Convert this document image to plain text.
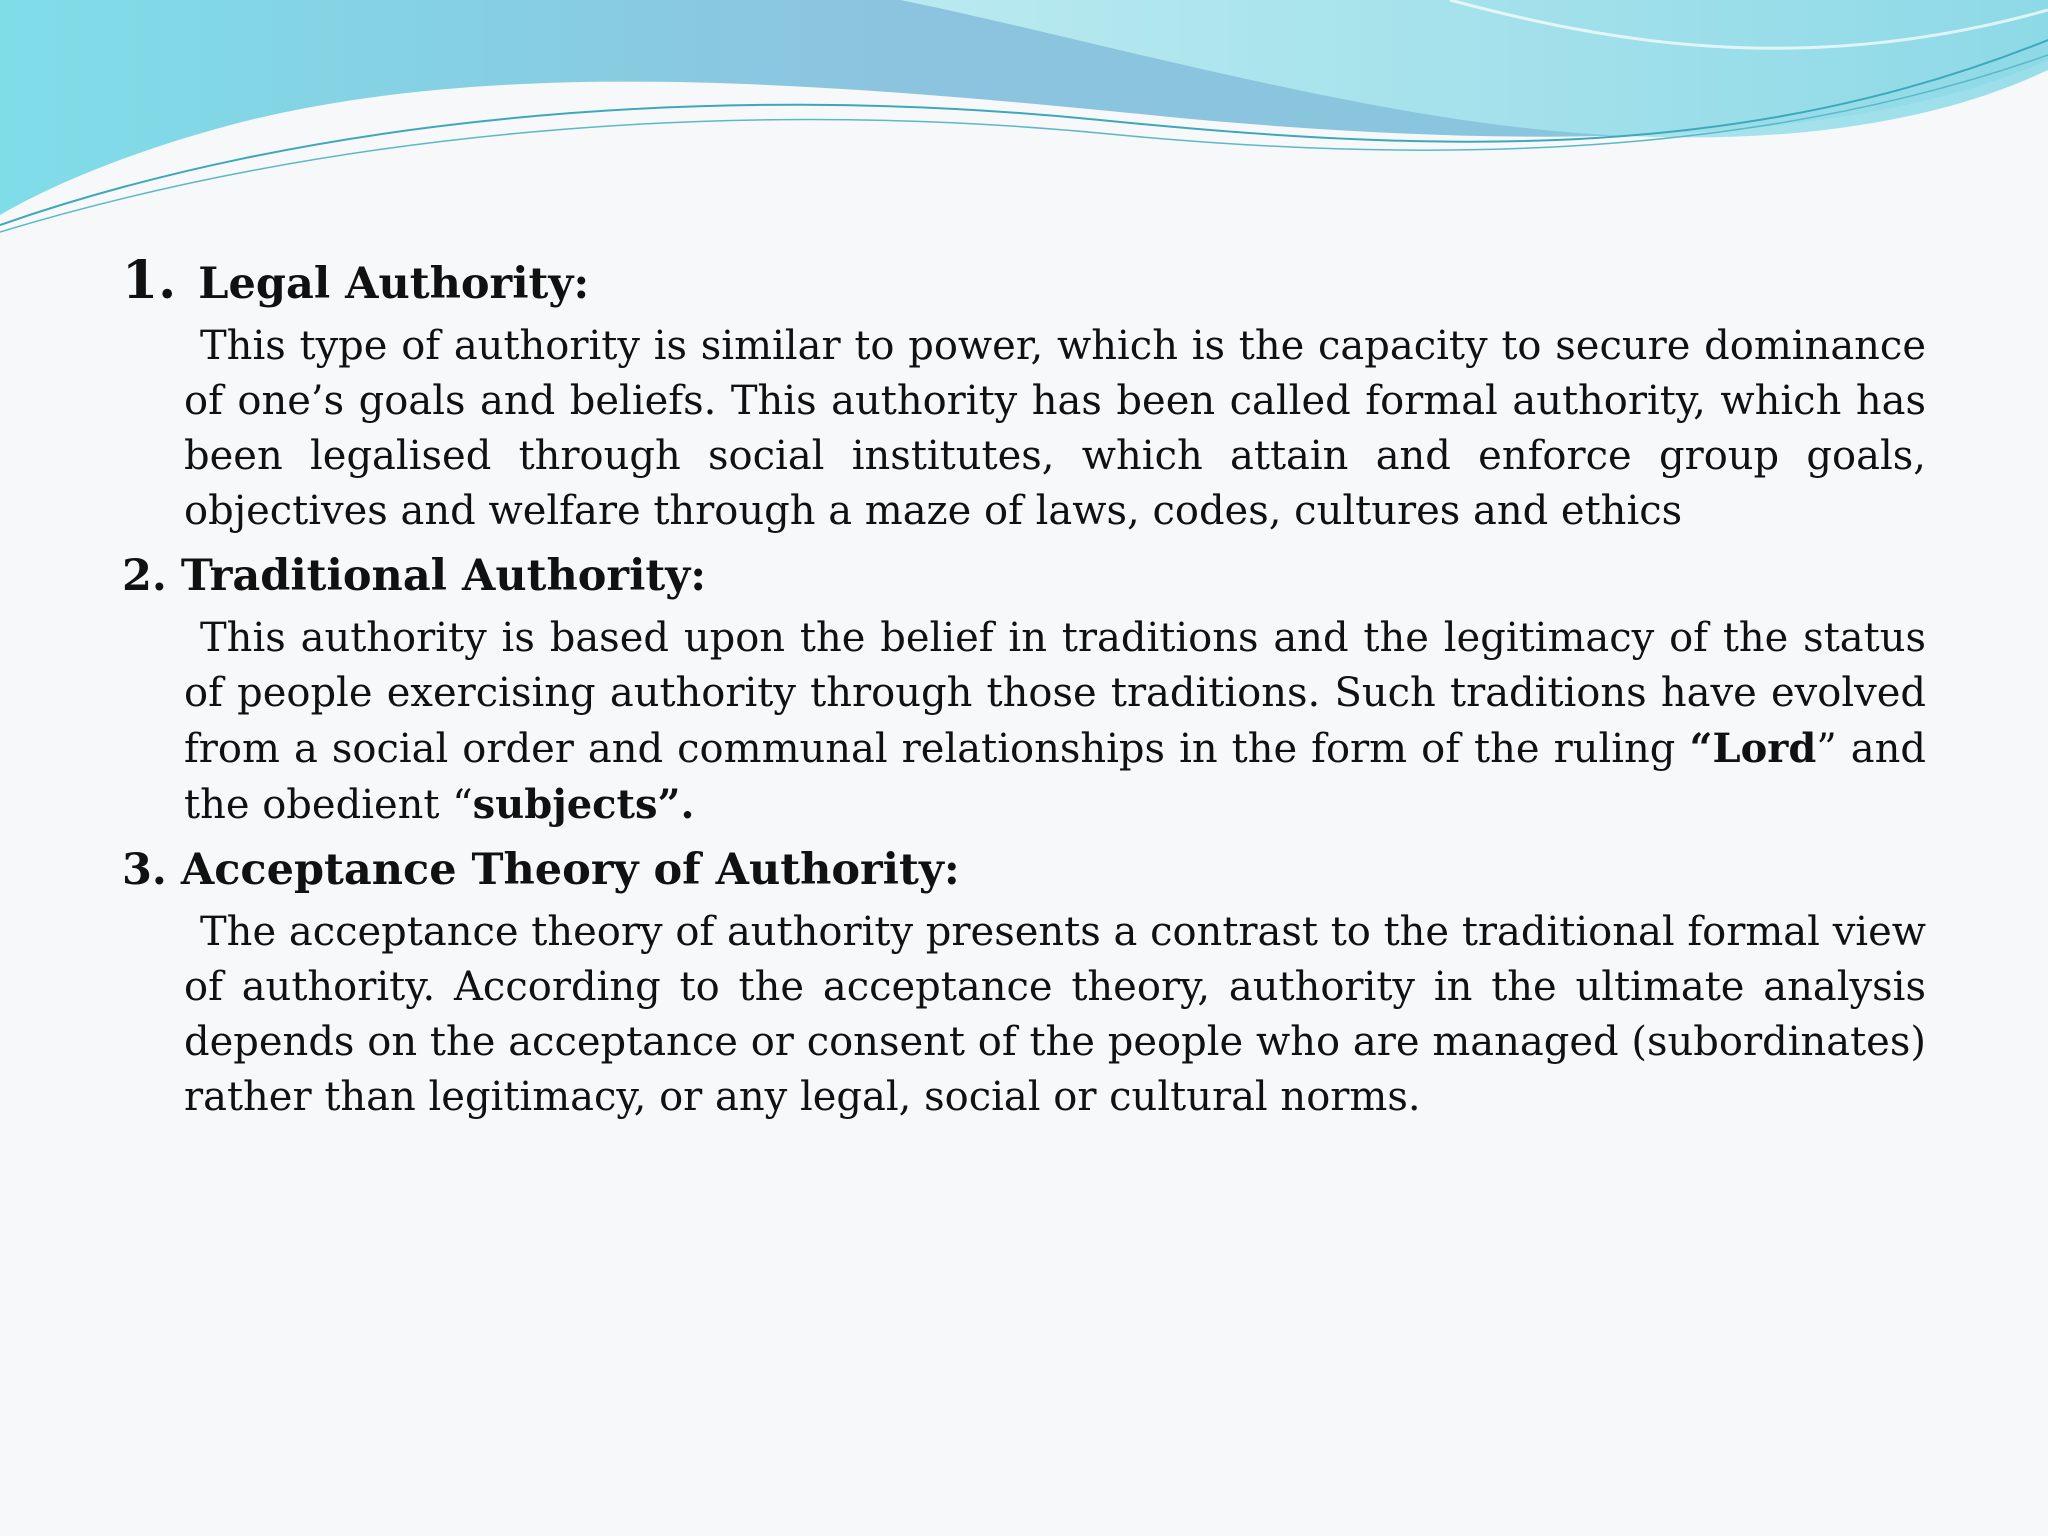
1. Legal Authority:

This type of authority is similar to power, which is the capacity to secure dominance of one’s goals and beliefs. This authority has been called formal authority, which has been legalised through social institutes, which attain and enforce group goals, objectives and welfare through a maze of laws, codes, cultures and ethics

2. Traditional Authority:

This authority is based upon the belief in traditions and the legitimacy of the status of people exercising authority through those traditions. Such traditions have evolved from a social order and communal relationships in the form of the ruling “Lord” and the obedient “subjects”.

3. Acceptance Theory of Authority:

The acceptance theory of authority presents a contrast to the traditional formal view of authority. According to the acceptance theory, authority in the ultimate analysis depends on the acceptance or consent of the people who are managed (subordinates) rather than legitimacy, or any legal, social or cultural norms.
